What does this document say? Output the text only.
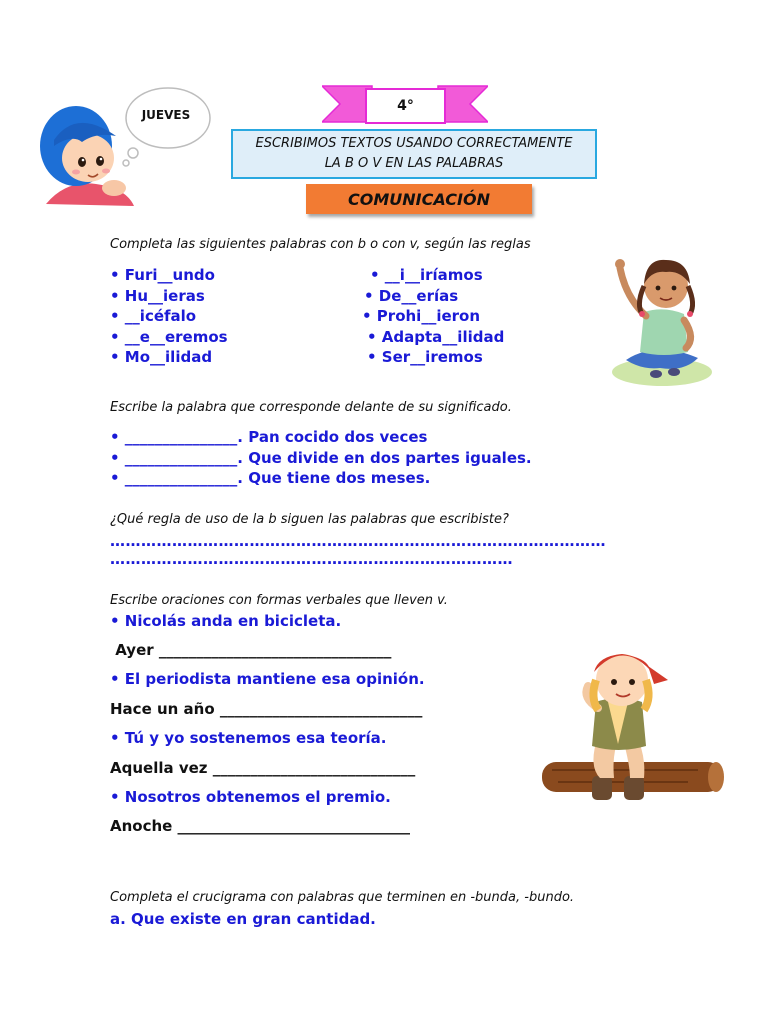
JUEVES
4°
ESCRIBIMOS TEXTOS USANDO CORRECTAMENTE LA B O V EN LAS PALABRAS
COMUNICACIÓN
Completa las siguientes palabras con b o con v, según las reglas
• Furi__undo
• Hu__ieras
• __icéfalo
• __e__eremos
• Mo__ilidad
• __i__iríamos
• De__erías
• Prohi__ieron
• Adapta__ilidad
• Ser__iremos
Escribe la palabra que corresponde delante de su significado.
• _______________. Pan cocido dos veces
• _______________. Que divide en dos partes iguales.
• _______________. Que tiene dos meses.
¿Qué regla de uso de la b siguen las palabras que escribiste?
……………………………………………………………………………………
……………………………………………………………………
Escribe oraciones con formas verbales que lleven v.
• Nicolás anda en bicicleta.
Ayer _______________________________
• El periodista mantiene esa opinión.
Hace un año ___________________________
• Tú y yo sostenemos esa teoría.
Aquella vez ___________________________
• Nosotros obtenemos el premio.
Anoche _______________________________
Completa el crucigrama con palabras que terminen en -bunda, -bundo.
a. Que existe en gran cantidad.
